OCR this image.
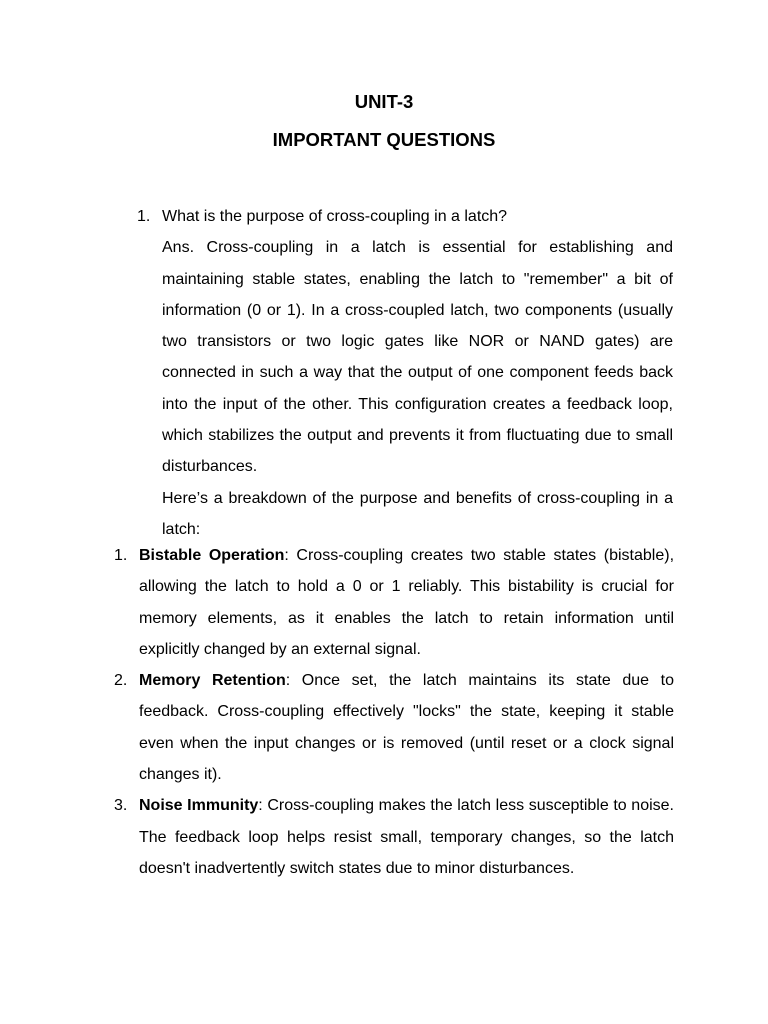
UNIT-3
IMPORTANT QUESTIONS
1. What is the purpose of cross-coupling in a latch?

Ans. Cross-coupling in a latch is essential for establishing and maintaining stable states, enabling the latch to "remember" a bit of information (0 or 1). In a cross-coupled latch, two components (usually two transistors or two logic gates like NOR or NAND gates) are connected in such a way that the output of one component feeds back into the input of the other. This configuration creates a feedback loop, which stabilizes the output and prevents it from fluctuating due to small disturbances.

Here’s a breakdown of the purpose and benefits of cross-coupling in a latch:

1. Bistable Operation: Cross-coupling creates two stable states (bistable), allowing the latch to hold a 0 or 1 reliably. This bistability is crucial for memory elements, as it enables the latch to retain information until explicitly changed by an external signal.
2. Memory Retention: Once set, the latch maintains its state due to feedback. Cross-coupling effectively "locks" the state, keeping it stable even when the input changes or is removed (until reset or a clock signal changes it).
3. Noise Immunity: Cross-coupling makes the latch less susceptible to noise. The feedback loop helps resist small, temporary changes, so the latch doesn't inadvertently switch states due to minor disturbances.
